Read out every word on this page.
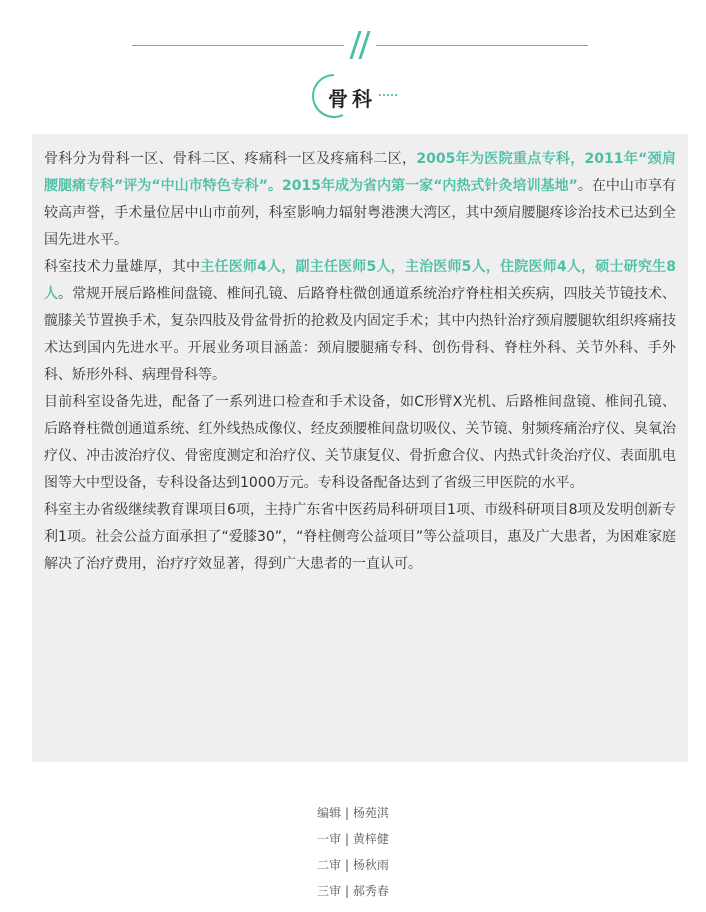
骨科

骨科分为骨科一区、骨科二区、疼痛科一区及疼痛科二区，2005年为医院重点专科，2011年“颈肩腰腿痛专科”评为“中山市特色专科”。2015年成为省内第一家“内热式针灸培训基地”。在中山市享有较高声誉，手术量位居中山市前列，科室影响力辐射粤港澳大湾区，其中颈肩腰腿疼诊治技术已达到全国先进水平。

科室技术力量雄厚，其中主任医师4人，副主任医师5人，主治医师5人，住院医师4人，硕士研究生8人。常规开展后路椎间盘镜、椎间孔镜、后路脊柱微创通道系统治疗脊柱相关疾病，四肢关节镜技术、髋膝关节置换手术，复杂四肢及骨盆骨折的抢救及内固定手术；其中内热针治疗颈肩腰腿软组织疼痛技术达到国内先进水平。开展业务项目涵盖：颈肩腰腿痛专科、创伤骨科、脊柱外科、关节外科、手外科、矫形外科、病理骨科等。

目前科室设备先进，配备了一系列进口检查和手术设备，如C形臂X光机、后路椎间盘镜、椎间孔镜、后路脊柱微创通道系统、红外线热成像仪、经皮颈腰椎间盘切吸仪、关节镜、射频疼痛治疗仪、臭氧治疗仪、冲击波治疗仪、骨密度测定和治疗仪、关节康复仪、骨折愈合仪、内热式针灸治疗仪、表面肌电图等大中型设备，专科设备达到1000万元。专科设备配备达到了省级三甲医院的水平。

科室主办省级继续教育课项目6项，主持广东省中医药局科研项目1项、市级科研项目8项及发明创新专利1项。社会公益方面承担了“爱膝30”，“脊柱侧弯公益项目”等公益项目，惠及广大患者，为困难家庭解决了治疗费用，治疗疗效显著，得到广大患者的一直认可。

编辑 | 杨苑淇
一审 | 黄梓健
二审 | 杨秋雨
三审 | 郝秀春
